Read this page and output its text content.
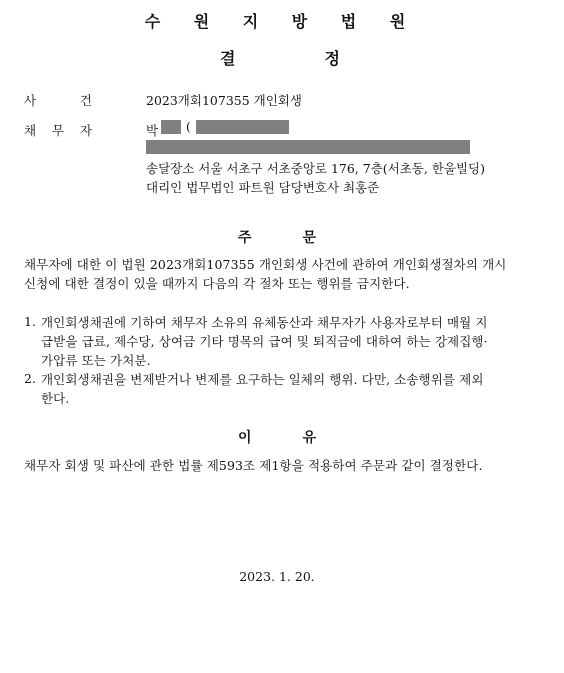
수 원 지 방 법 원
결	정
사	건	2023개회107355 개인회생
채 무 자	박 (
송달장소 서울 서초구 서초중앙로 176, 7층(서초동, 한울빌딩)
대리인 법무법인 파트원 담당변호사 최홍준
주	문
채무자에 대한 이 법원 2023개회107355 개인회생 사건에 관하여 개인회생절차의 개시
신청에 대한 결정이 있을 때까지 다음의 각 절차 또는 행위를 금지한다.
1. 개인회생채권에 기하여 채무자 소유의 유체동산과 채무자가 사용자로부터 매월 지
급받을 급료, 제수당, 상여금 기타 명목의 급여 및 퇴직금에 대하여 하는 강제집행·
가압류 또는 가처분.
2. 개인회생채권을 변제받거나 변제를 요구하는 일체의 행위. 다만, 소송행위를 제외
한다.
이	유
채무자 회생 및 파산에 관한 법률 제593조 제1항을 적용하여 주문과 같이 결정한다.
2023. 1. 20.
